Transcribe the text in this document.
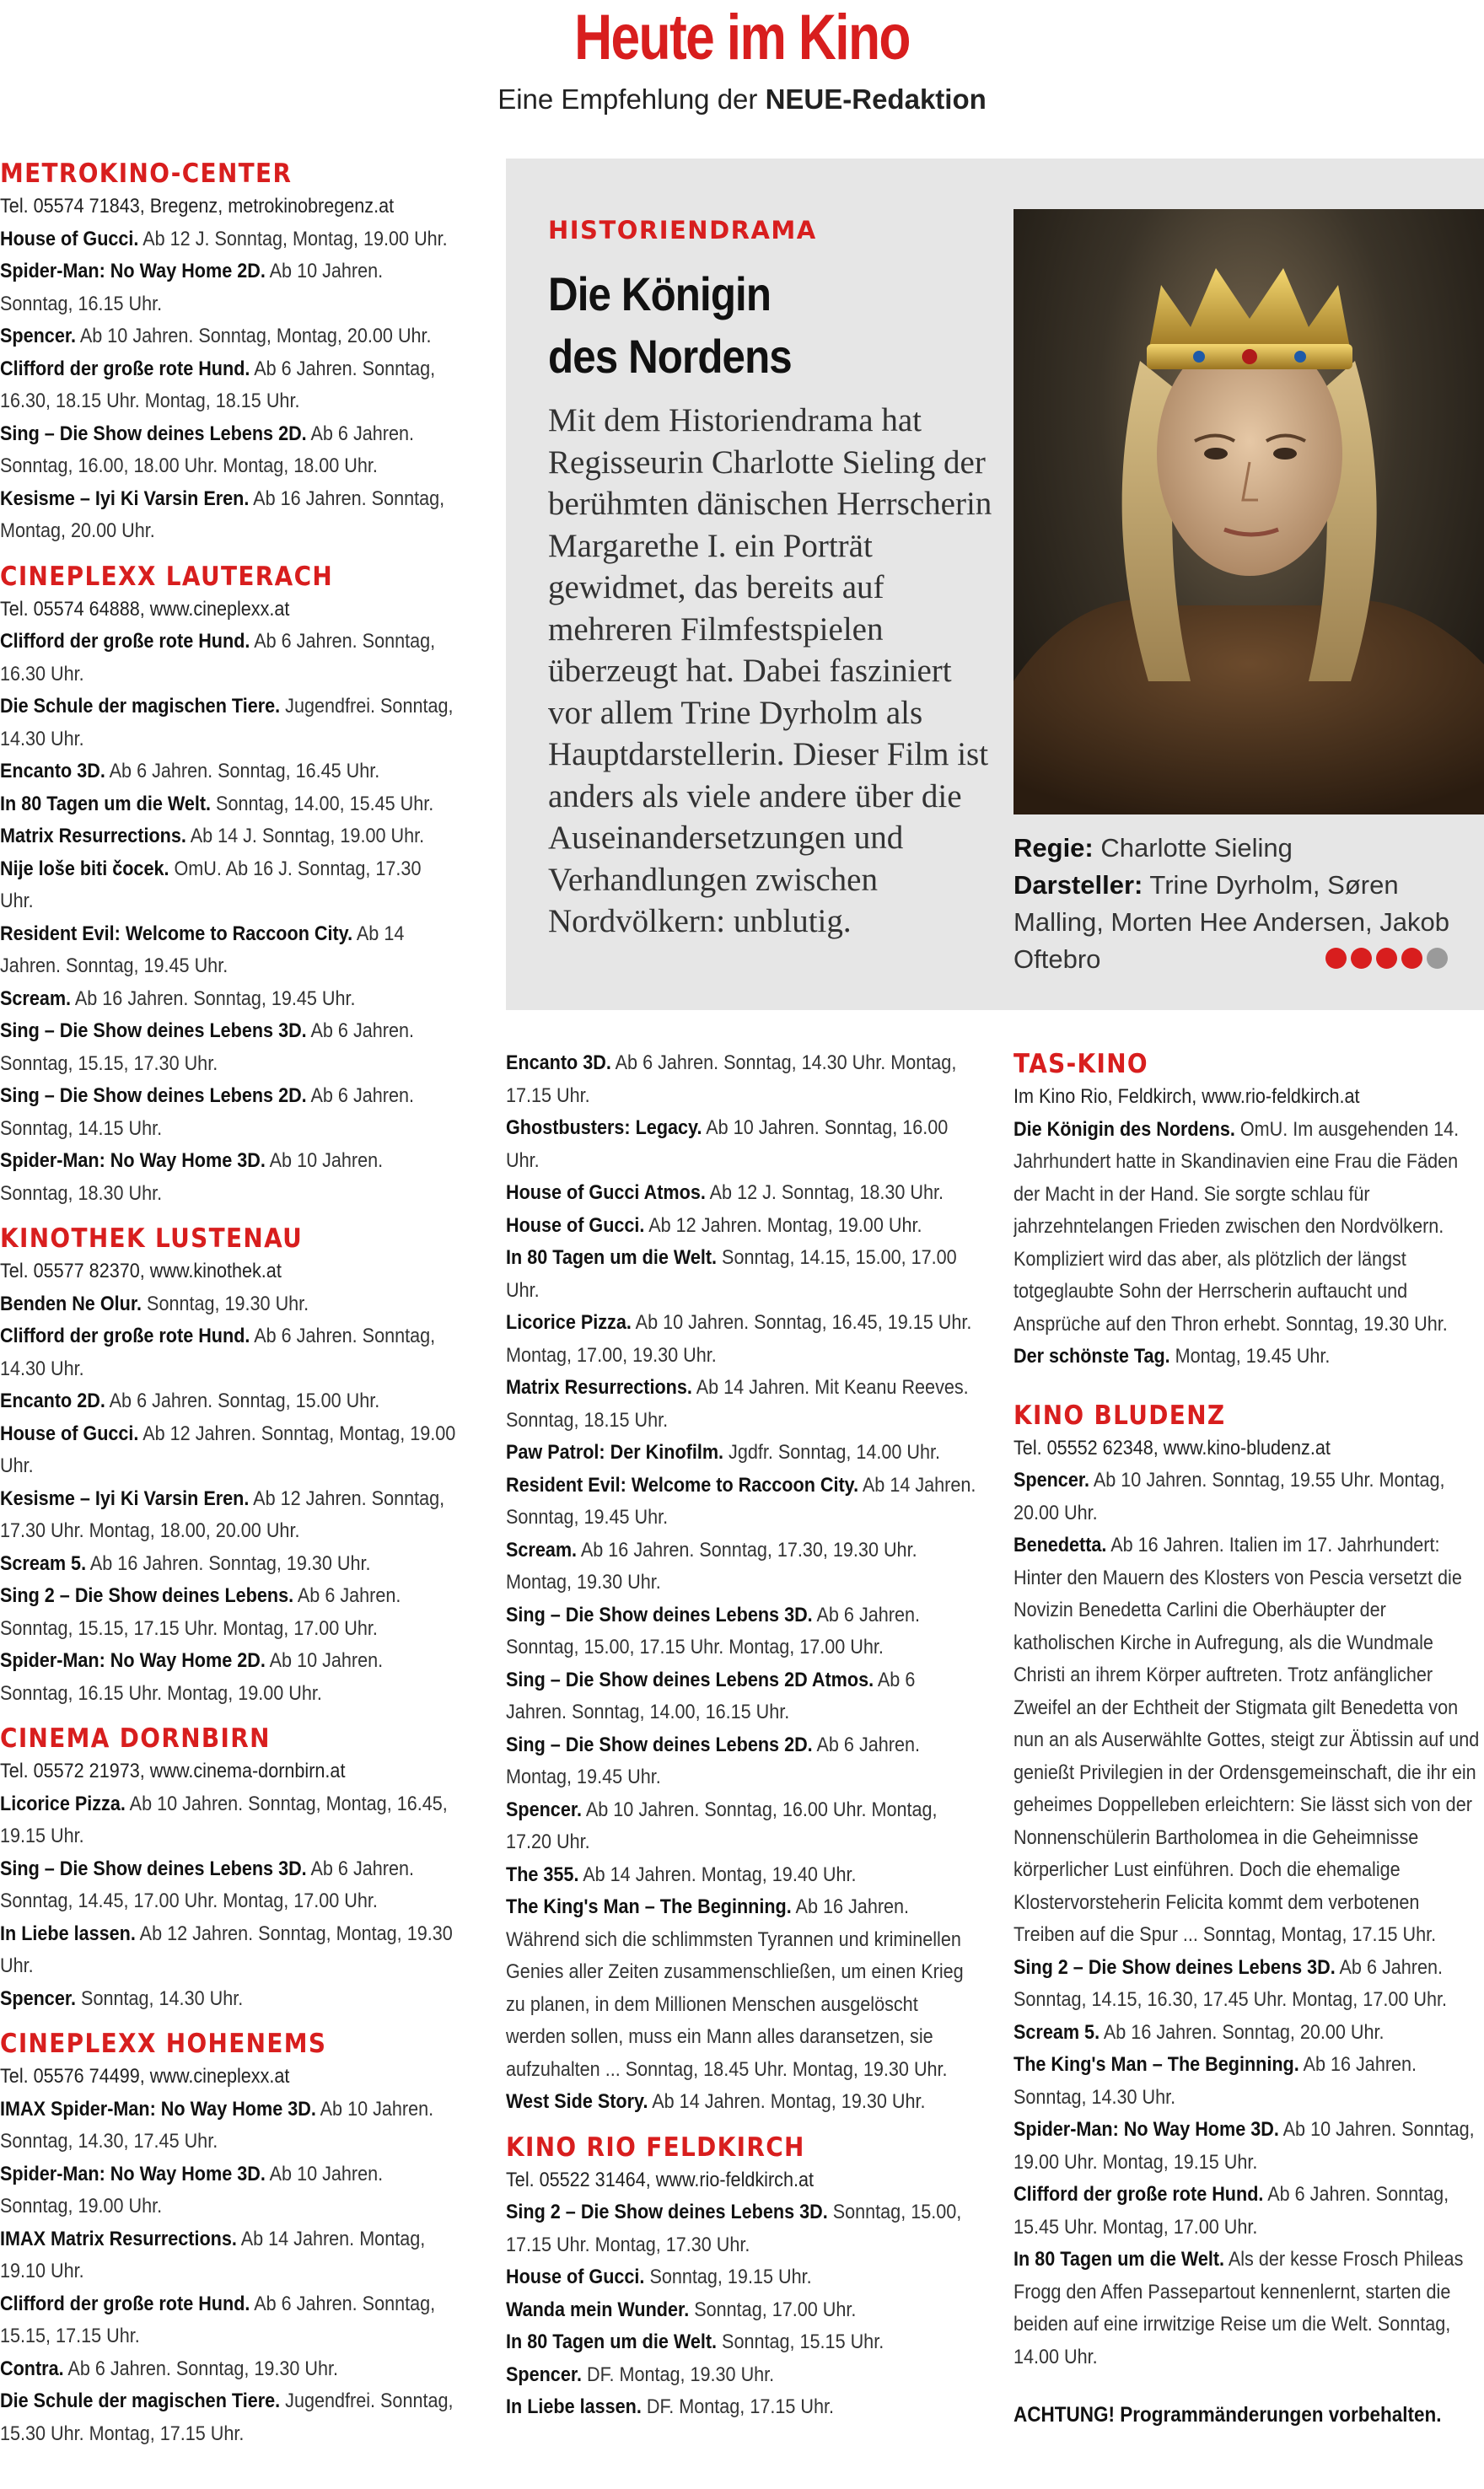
Heute im Kino
Eine Empfehlung der NEUE-Redaktion
METROKINO-CENTER
Tel. 05574 71843, Bregenz, metrokinobregenz.at
House of Gucci. Ab 12 J. Sonntag, Montag, 19.00 Uhr.
Spider-Man: No Way Home 2D. Ab 10 Jahren. Sonntag, 16.15 Uhr.
Spencer. Ab 10 Jahren. Sonntag, Montag, 20.00 Uhr.
Clifford der große rote Hund. Ab 6 Jahren. Sonntag, 16.30, 18.15 Uhr. Montag, 18.15 Uhr.
Sing – Die Show deines Lebens 2D. Ab 6 Jahren. Sonntag, 16.00, 18.00 Uhr. Montag, 18.00 Uhr.
Kesisme – Iyi Ki Varsin Eren. Ab 16 Jahren. Sonntag, Montag, 20.00 Uhr.
CINEPLEXX LAUTERACH
Tel. 05574 64888, www.cineplexx.at
Clifford der große rote Hund. Ab 6 Jahren. Sonntag, 16.30 Uhr.
Die Schule der magischen Tiere. Jugendfrei. Sonntag, 14.30 Uhr.
Encanto 3D. Ab 6 Jahren. Sonntag, 16.45 Uhr.
In 80 Tagen um die Welt. Sonntag, 14.00, 15.45 Uhr.
Matrix Resurrections. Ab 14 J. Sonntag, 19.00 Uhr.
Nije loše biti čocek. OmU. Ab 16 J. Sonntag, 17.30 Uhr.
Resident Evil: Welcome to Raccoon City. Ab 14 Jahren. Sonntag, 19.45 Uhr.
Scream. Ab 16 Jahren. Sonntag, 19.45 Uhr.
Sing – Die Show deines Lebens 3D. Ab 6 Jahren. Sonntag, 15.15, 17.30 Uhr.
Sing – Die Show deines Lebens 2D. Ab 6 Jahren. Sonntag, 14.15 Uhr.
Spider-Man: No Way Home 3D. Ab 10 Jahren. Sonntag, 18.30 Uhr.
KINOTHEK LUSTENAU
Tel. 05577 82370, www.kinothek.at
Benden Ne Olur. Sonntag, 19.30 Uhr.
Clifford der große rote Hund. Ab 6 Jahren. Sonntag, 14.30 Uhr.
Encanto 2D. Ab 6 Jahren. Sonntag, 15.00 Uhr.
House of Gucci. Ab 12 Jahren. Sonntag, Montag, 19.00 Uhr.
Kesisme – Iyi Ki Varsin Eren. Ab 12 Jahren. Sonntag, 17.30 Uhr. Montag, 18.00, 20.00 Uhr.
Scream 5. Ab 16 Jahren. Sonntag, 19.30 Uhr.
Sing 2 – Die Show deines Lebens. Ab 6 Jahren. Sonntag, 15.15, 17.15 Uhr. Montag, 17.00 Uhr.
Spider-Man: No Way Home 2D. Ab 10 Jahren. Sonntag, 16.15 Uhr. Montag, 19.00 Uhr.
CINEMA DORNBIRN
Tel. 05572 21973, www.cinema-dornbirn.at
Licorice Pizza. Ab 10 Jahren. Sonntag, Montag, 16.45, 19.15 Uhr.
Sing – Die Show deines Lebens 3D. Ab 6 Jahren. Sonntag, 14.45, 17.00 Uhr. Montag, 17.00 Uhr.
In Liebe lassen. Ab 12 Jahren. Sonntag, Montag, 19.30 Uhr.
Spencer. Sonntag, 14.30 Uhr.
CINEPLEXX HOHENEMS
Tel. 05576 74499, www.cineplexx.at
IMAX Spider-Man: No Way Home 3D. Ab 10 Jahren. Sonntag, 14.30, 17.45 Uhr.
Spider-Man: No Way Home 3D. Ab 10 Jahren. Sonntag, 19.00 Uhr.
IMAX Matrix Resurrections. Ab 14 Jahren. Montag, 19.10 Uhr.
Clifford der große rote Hund. Ab 6 Jahren. Sonntag, 15.15, 17.15 Uhr.
Contra. Ab 6 Jahren. Sonntag, 19.30 Uhr.
Die Schule der magischen Tiere. Jugendfrei. Sonntag, 15.30 Uhr. Montag, 17.15 Uhr.
HISTORIENDRAMA
Die Königin
des Nordens
Mit dem Historiendrama hat Regisseurin Charlotte Sieling der berühmten dänischen Herrscherin Margarethe I. ein Porträt gewidmet, das bereits auf mehreren Filmfestspielen überzeugt hat. Dabei fasziniert vor allem Trine Dyrholm als Hauptdarstellerin. Dieser Film ist anders als viele andere über die Auseinandersetzungen und Verhandlungen zwischen Nordvölkern: unblutig.
Regie: Charlotte Sieling
Darsteller: Trine Dyrholm, Søren Malling, Morten Hee Andersen, Jakob Oftebro
Encanto 3D. Ab 6 Jahren. Sonntag, 14.30 Uhr. Montag, 17.15 Uhr.
Ghostbusters: Legacy. Ab 10 Jahren. Sonntag, 16.00 Uhr.
House of Gucci Atmos. Ab 12 J. Sonntag, 18.30 Uhr.
House of Gucci. Ab 12 Jahren. Montag, 19.00 Uhr.
In 80 Tagen um die Welt. Sonntag, 14.15, 15.00, 17.00 Uhr.
Licorice Pizza. Ab 10 Jahren. Sonntag, 16.45, 19.15 Uhr. Montag, 17.00, 19.30 Uhr.
Matrix Resurrections. Ab 14 Jahren. Mit Keanu Reeves. Sonntag, 18.15 Uhr.
Paw Patrol: Der Kinofilm. Jgdfr. Sonntag, 14.00 Uhr.
Resident Evil: Welcome to Raccoon City. Ab 14 Jahren. Sonntag, 19.45 Uhr.
Scream. Ab 16 Jahren. Sonntag, 17.30, 19.30 Uhr. Montag, 19.30 Uhr.
Sing – Die Show deines Lebens 3D. Ab 6 Jahren. Sonntag, 15.00, 17.15 Uhr. Montag, 17.00 Uhr.
Sing – Die Show deines Lebens 2D Atmos. Ab 6 Jahren. Sonntag, 14.00, 16.15 Uhr.
Sing – Die Show deines Lebens 2D. Ab 6 Jahren. Montag, 19.45 Uhr.
Spencer. Ab 10 Jahren. Sonntag, 16.00 Uhr. Montag, 17.20 Uhr.
The 355. Ab 14 Jahren. Montag, 19.40 Uhr.
The King's Man – The Beginning. Ab 16 Jahren. Während sich die schlimmsten Tyrannen und kriminellen Genies aller Zeiten zusammenschließen, um einen Krieg zu planen, in dem Millionen Menschen ausgelöscht werden sollen, muss ein Mann alles daransetzen, sie aufzuhalten ... Sonntag, 18.45 Uhr. Montag, 19.30 Uhr.
West Side Story. Ab 14 Jahren. Montag, 19.30 Uhr.
KINO RIO FELDKIRCH
Tel. 05522 31464, www.rio-feldkirch.at
Sing 2 – Die Show deines Lebens 3D. Sonntag, 15.00, 17.15 Uhr. Montag, 17.30 Uhr.
House of Gucci. Sonntag, 19.15 Uhr.
Wanda mein Wunder. Sonntag, 17.00 Uhr.
In 80 Tagen um die Welt. Sonntag, 15.15 Uhr.
Spencer. DF. Montag, 19.30 Uhr.
In Liebe lassen. DF. Montag, 17.15 Uhr.
TAS-KINO
Im Kino Rio, Feldkirch, www.rio-feldkirch.at
Die Königin des Nordens. OmU. Im ausgehenden 14. Jahrhundert hatte in Skandinavien eine Frau die Fäden der Macht in der Hand. Sie sorgte schlau für jahrzehntelangen Frieden zwischen den Nordvölkern. Kompliziert wird das aber, als plötzlich der längst totgeglaubte Sohn der Herrscherin auftaucht und Ansprüche auf den Thron erhebt. Sonntag, 19.30 Uhr.
Der schönste Tag. Montag, 19.45 Uhr.
KINO BLUDENZ
Tel. 05552 62348, www.kino-bludenz.at
Spencer. Ab 10 Jahren. Sonntag, 19.55 Uhr. Montag, 20.00 Uhr.
Benedetta. Ab 16 Jahren. Italien im 17. Jahrhundert: Hinter den Mauern des Klosters von Pescia versetzt die Novizin Benedetta Carlini die Oberhäupter der katholischen Kirche in Aufregung, als die Wundmale Christi an ihrem Körper auftreten. Trotz anfänglicher Zweifel an der Echtheit der Stigmata gilt Benedetta von nun an als Auserwählte Gottes, steigt zur Äbtissin auf und genießt Privilegien in der Ordensgemeinschaft, die ihr ein geheimes Doppelleben erleichtern: Sie lässt sich von der Nonnenschülerin Bartholomea in die Geheimnisse körperlicher Lust einführen. Doch die ehemalige Klostervorsteherin Felicita kommt dem verbotenen Treiben auf die Spur ... Sonntag, Montag, 17.15 Uhr.
Sing 2 – Die Show deines Lebens 3D. Ab 6 Jahren. Sonntag, 14.15, 16.30, 17.45 Uhr. Montag, 17.00 Uhr.
Scream 5. Ab 16 Jahren. Sonntag, 20.00 Uhr.
The King's Man – The Beginning. Ab 16 Jahren. Sonntag, 14.30 Uhr.
Spider-Man: No Way Home 3D. Ab 10 Jahren. Sonntag, 19.00 Uhr. Montag, 19.15 Uhr.
Clifford der große rote Hund. Ab 6 Jahren. Sonntag, 15.45 Uhr. Montag, 17.00 Uhr.
In 80 Tagen um die Welt. Als der kesse Frosch Phileas Frogg den Affen Passepartout kennenlernt, starten die beiden auf eine irrwitzige Reise um die Welt. Sonntag, 14.00 Uhr.
ACHTUNG! Programmänderungen vorbehalten.
